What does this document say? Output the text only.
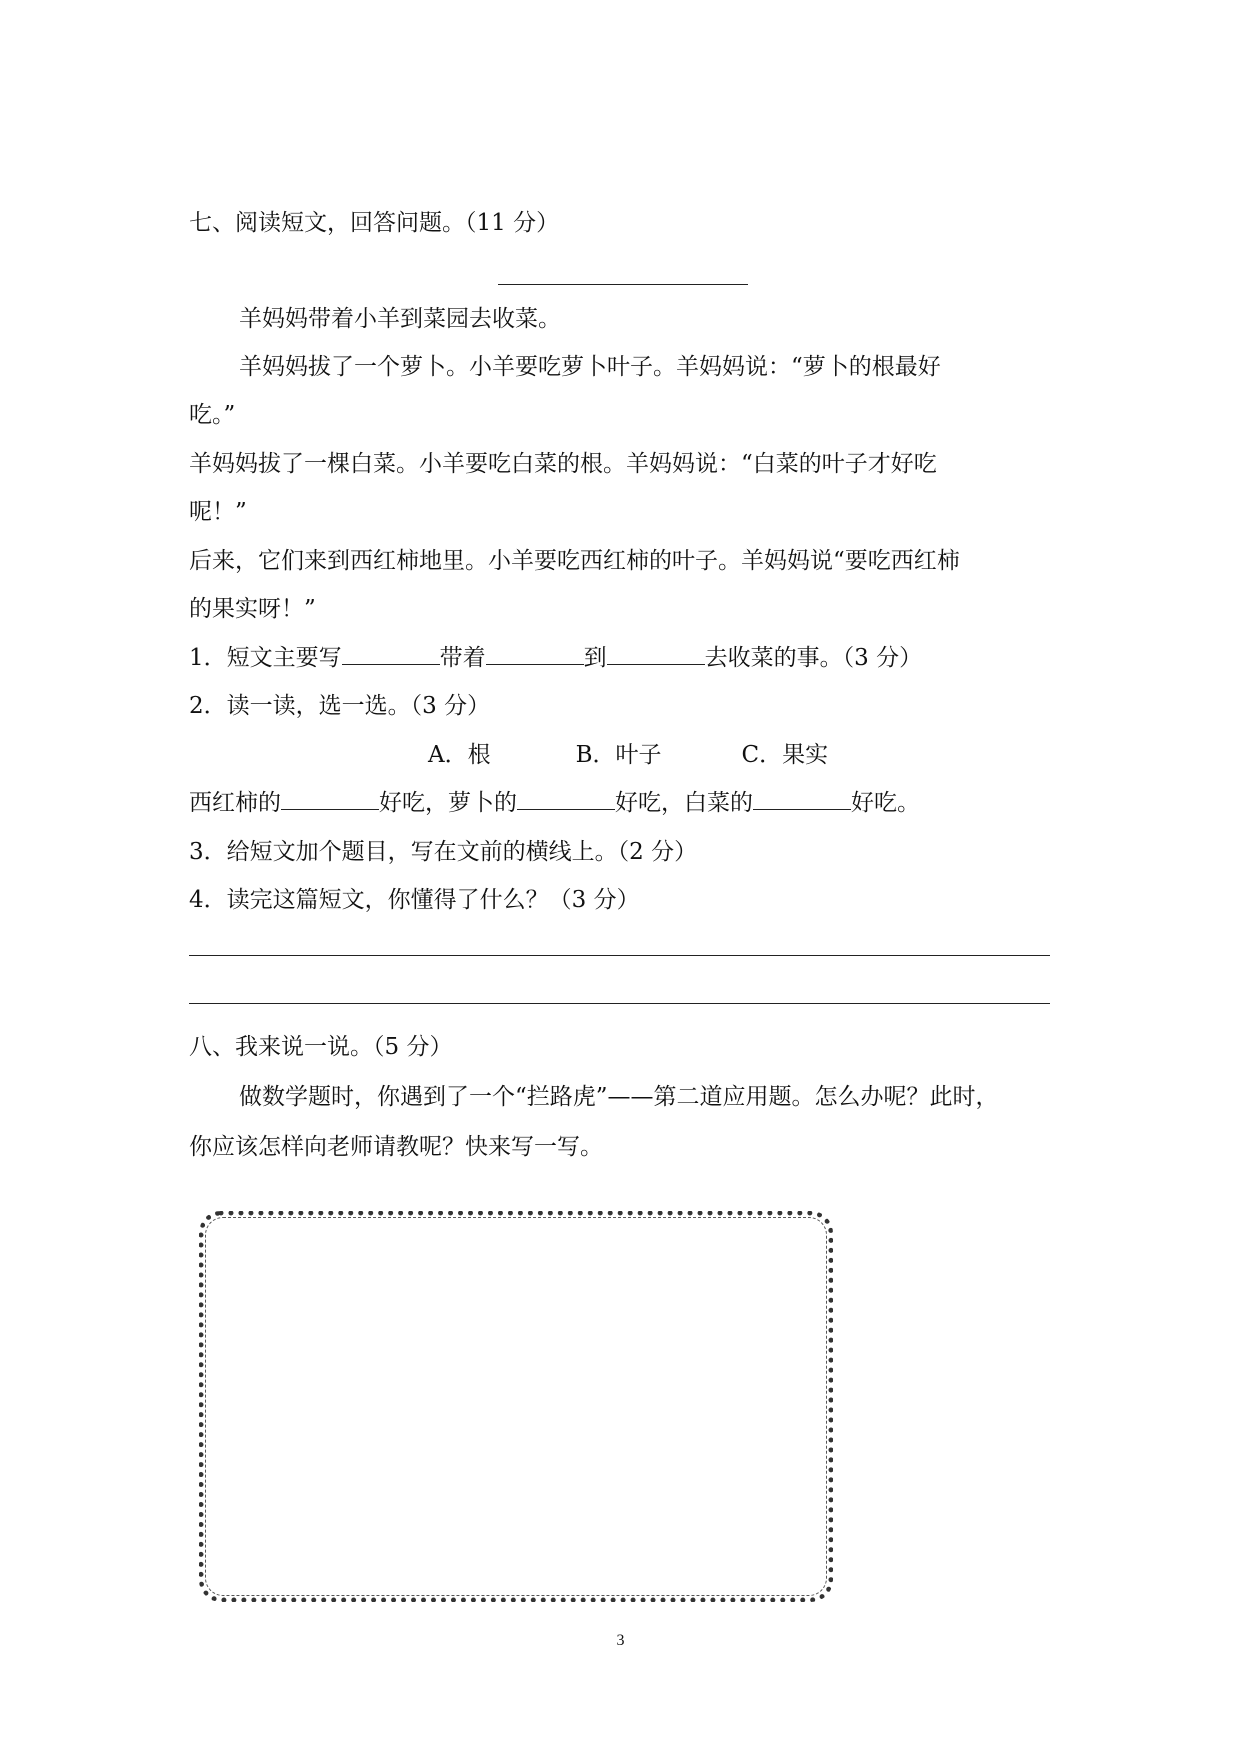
七、阅读短文，回答问题。（11 分）
羊妈妈带着小羊到菜园去收菜。
羊妈妈拔了一个萝卜。小羊要吃萝卜叶子。羊妈妈说：“萝卜的根最好
吃。”
羊妈妈拔了一棵白菜。小羊要吃白菜的根。羊妈妈说：“白菜的叶子才好吃
呢！”
后来，它们来到西红柿地里。小羊要吃西红柿的叶子。羊妈妈说“要吃西红柿
的果实呀！”
1．短文主要写	带着	到	去收菜的事。（3 分）
2．读一读，选一选。（3 分）
A．根	B．叶子	C．果实
西红柿的	好吃，萝卜的	好吃，白菜的	好吃。
3．给短文加个题目，写在文前的横线上。（2 分）
4．读完这篇短文，你懂得了什么？（3 分）
八、我来说一说。（5 分）
做数学题时，你遇到了一个“拦路虎”——第二道应用题。怎么办呢？此时，
你应该怎样向老师请教呢？快来写一写。
3
